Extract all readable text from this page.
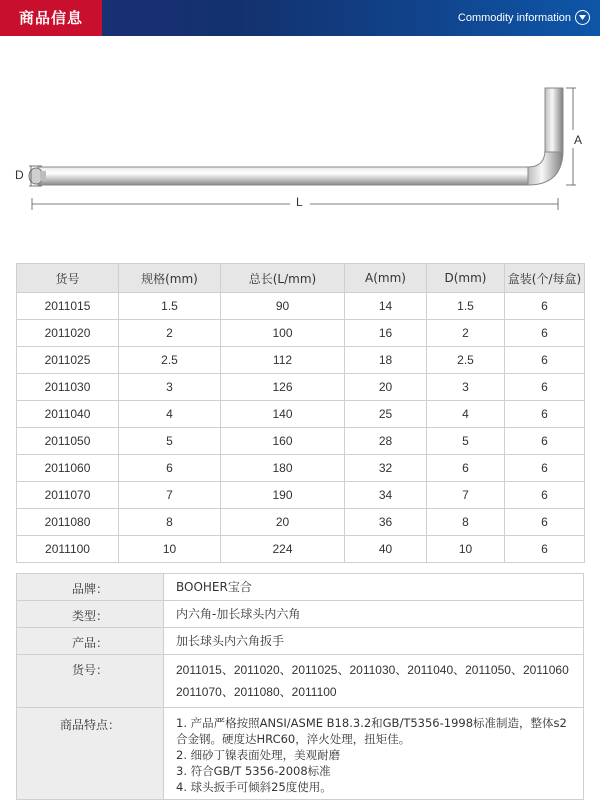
商品信息	Commodity information
D
L
A
货号	规格(mm)	总长(L/mm)	A(mm)	D(mm)	盒装(个/每盒)
2011015	1.5	90	14	1.5	6
2011020	2	100	16	2	6
2011025	2.5	112	18	2.5	6
2011030	3	126	20	3	6
2011040	4	140	25	4	6
2011050	5	160	28	5	6
2011060	6	180	32	6	6
2011070	7	190	34	7	6
2011080	8	20	36	8	6
2011100	10	224	40	10	6
品牌：	BOOHER宝合
类型：	内六角-加长球头内六角
产品：	加长球头内六角扳手
货号：	2011015、2011020、2011025、2011030、2011040、2011050、2011060
2011070、2011080、2011100

商品特点：	1. 产品严格按照ANSI/ASME B18.3.2和GB/T5356-1998标准制造，整体s2合金钢。硬度达HRC60，淬火处理，扭矩佳。
2. 细砂丁镍表面处理，美观耐磨
3. 符合GB/T 5356-2008标准
4. 球头扳手可倾斜25度使用。
